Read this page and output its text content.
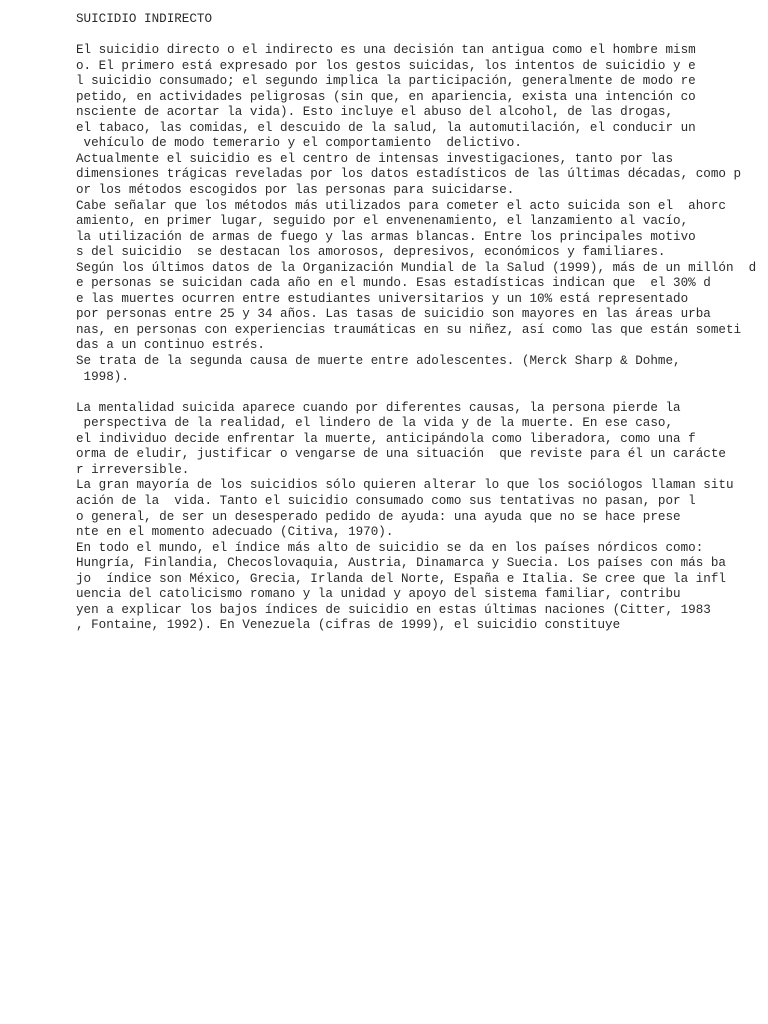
SUICIDIO INDIRECTO
El suicidio directo o el indirecto es una decisión tan antigua como el hombre mism
o. El primero está expresado por los gestos suicidas, los intentos de suicidio y e
l suicidio consumado; el segundo implica la participación, generalmente de modo re
petido, en actividades peligrosas (sin que, en apariencia, exista una intención co
nsciente de acortar la vida). Esto incluye el abuso del alcohol, de las drogas,
el tabaco, las comidas, el descuido de la salud, la automutilación, el conducir un
vehículo de modo temerario y el comportamiento  delictivo.
Actualmente el suicidio es el centro de intensas investigaciones, tanto por las
dimensiones trágicas reveladas por los datos estadísticos de las últimas décadas, como p
or los métodos escogidos por las personas para suicidarse.
Cabe señalar que los métodos más utilizados para cometer el acto suicida son el  ahorc
amiento, en primer lugar, seguido por el envenenamiento, el lanzamiento al vacío,
la utilización de armas de fuego y las armas blancas. Entre los principales motivo
s del suicidio  se destacan los amorosos, depresivos, económicos y familiares.
Según los últimos datos de la Organización Mundial de la Salud (1999), más de un millón  d
e personas se suicidan cada año en el mundo. Esas estadísticas indican que  el 30% d
e las muertes ocurren entre estudiantes universitarios y un 10% está representado
por personas entre 25 y 34 años. Las tasas de suicidio son mayores en las áreas urba
nas, en personas con experiencias traumáticas en su niñez, así como las que están someti
das a un continuo estrés.
Se trata de la segunda causa de muerte entre adolescentes. (Merck Sharp & Dohme,
1998).
La mentalidad suicida aparece cuando por diferentes causas, la persona pierde la
perspectiva de la realidad, el lindero de la vida y de la muerte. En ese caso,
el individuo decide enfrentar la muerte, anticipándola como liberadora, como una f
orma de eludir, justificar o vengarse de una situación  que reviste para él un caráctе
r irreversible.
La gran mayoría de los suicidios sólo quieren alterar lo que los sociólogos llaman situ
ación de la  vida. Tanto el suicidio consumado como sus tentativas no pasan, por l
o general, de ser un desesperado pedido de ayuda: una ayuda que no se hace prese
nte en el momento adecuado (Citiva, 1970).
En todo el mundo, el índice más alto de suicidio se da en los países nórdicos como:
Hungría, Finlandia, Checoslovaquia, Austria, Dinamarca y Suecia. Los países con más ba
jo  índice son México, Grecia, Irlanda del Norte, España e Italia. Se cree que la infl
uencia del catolicismo romano y la unidad y apoyo del sistema familiar, contribu
yen a explicar los bajos índices de suicidio en estas últimas naciones (Citter, 1983
, Fontaine, 1992). En Venezuela (cifras de 1999), el suicidio constituye
